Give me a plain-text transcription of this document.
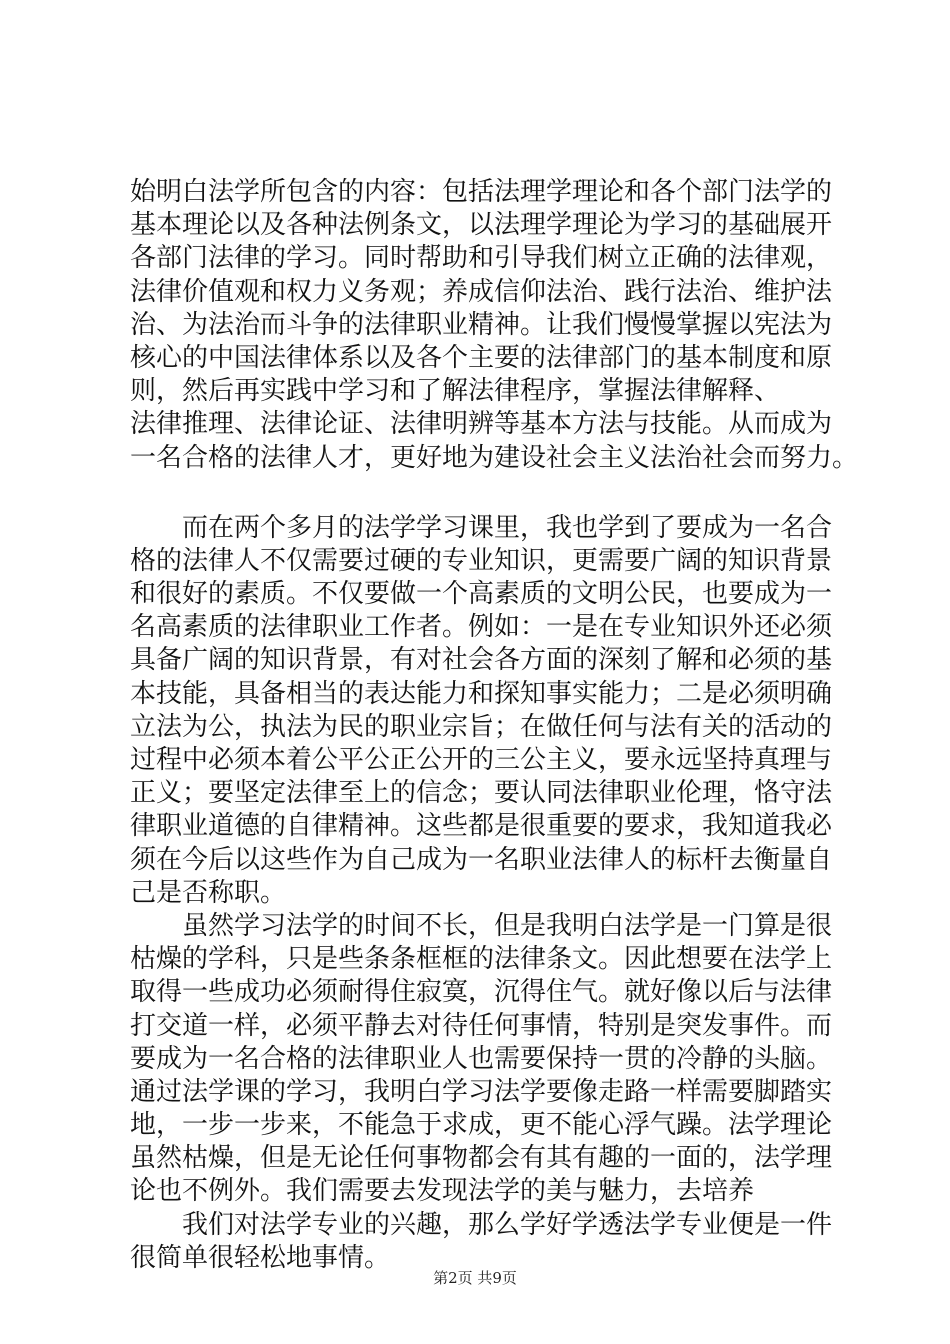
始明白法学所包含的内容：包括法理学理论和各个部门法学的
基本理论以及各种法例条文，以法理学理论为学习的基础展开
各部门法律的学习。同时帮助和引导我们树立正确的法律观，
法律价值观和权力义务观；养成信仰法治、践行法治、维护法
治、为法治而斗争的法律职业精神。让我们慢慢掌握以宪法为
核心的中国法律体系以及各个主要的法律部门的基本制度和原
则，然后再实践中学习和了解法律程序，掌握法律解释、
法律推理、法律论证、法律明辨等基本方法与技能。从而成为
一名合格的法律人才，更好地为建设社会主义法治社会而努力。
　　而在两个多月的法学学习课里，我也学到了要成为一名合
格的法律人不仅需要过硬的专业知识，更需要广阔的知识背景
和很好的素质。不仅要做一个高素质的文明公民，也要成为一
名高素质的法律职业工作者。例如：一是在专业知识外还必须
具备广阔的知识背景，有对社会各方面的深刻了解和必须的基
本技能，具备相当的表达能力和探知事实能力；二是必须明确
立法为公，执法为民的职业宗旨；在做任何与法有关的活动的
过程中必须本着公平公正公开的三公主义，要永远坚持真理与
正义；要坚定法律至上的信念；要认同法律职业伦理，恪守法
律职业道德的自律精神。这些都是很重要的要求，我知道我必
须在今后以这些作为自己成为一名职业法律人的标杆去衡量自
己是否称职。
　　虽然学习法学的时间不长，但是我明白法学是一门算是很
枯燥的学科，只是些条条框框的法律条文。因此想要在法学上
取得一些成功必须耐得住寂寞，沉得住气。就好像以后与法律
打交道一样，必须平静去对待任何事情，特别是突发事件。而
要成为一名合格的法律职业人也需要保持一贯的冷静的头脑。
通过法学课的学习，我明白学习法学要像走路一样需要脚踏实
地，一步一步来，不能急于求成，更不能心浮气躁。法学理论
虽然枯燥，但是无论任何事物都会有其有趣的一面的，法学理
论也不例外。我们需要去发现法学的美与魅力，去培养
　　我们对法学专业的兴趣，那么学好学透法学专业便是一件
很简单很轻松地事情。
第2页 共9页
